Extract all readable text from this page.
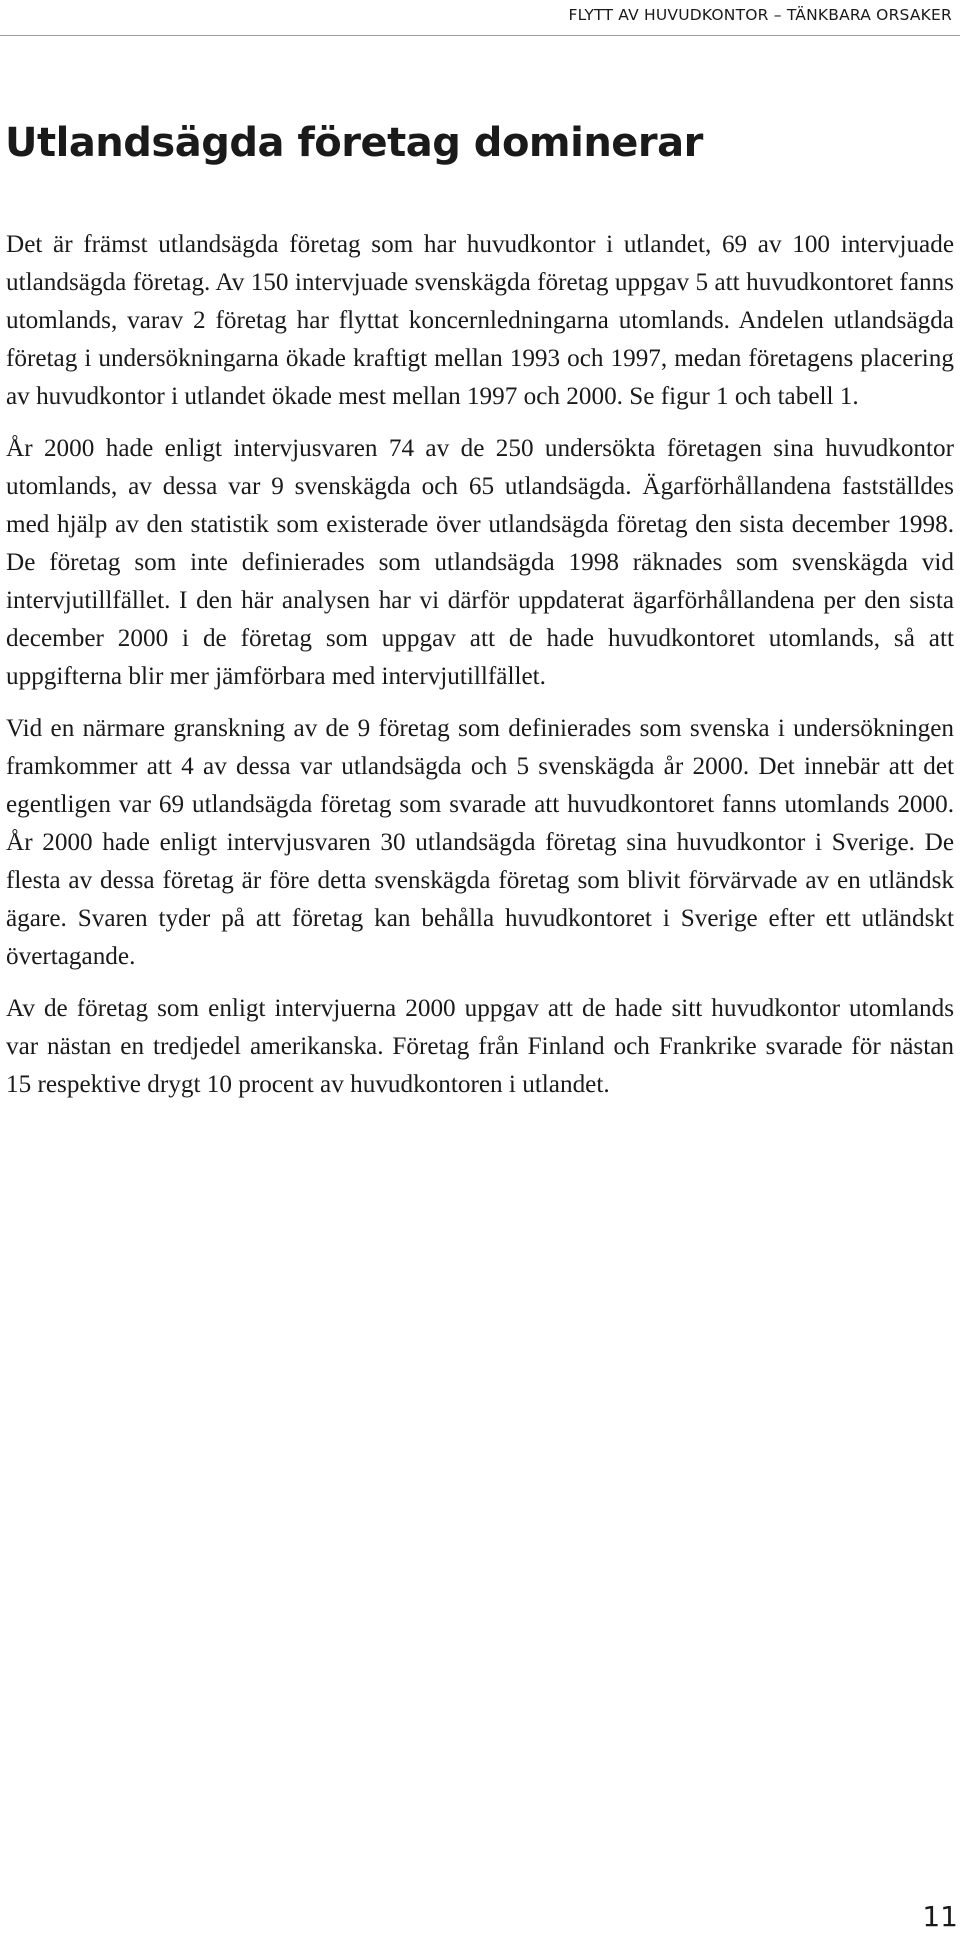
FLYTT AV HUVUDKONTOR – TÄNKBARA ORSAKER
Utlandsägda företag dominerar

Det är främst utlandsägda företag som har huvudkontor i utlandet, 69 av 100 intervjuade utlandsägda företag. Av 150 intervjuade svenskägda företag uppgav 5 att huvudkontoret fanns utomlands, varav 2 företag har flyttat koncernledningarna utomlands. Andelen utlandsägda företag i undersökningarna ökade kraftigt mellan 1993 och 1997, medan företagens placering av huvudkontor i utlandet ökade mest mellan 1997 och 2000. Se figur 1 och tabell 1.

År 2000 hade enligt intervjusvaren 74 av de 250 undersökta företagen sina huvudkontor utomlands, av dessa var 9 svenskägda och 65 utlandsägda. Ägarförhållandena fastställdes med hjälp av den statistik som existerade över utlandsägda företag den sista december 1998. De företag som inte definierades som utlandsägda 1998 räknades som svenskägda vid intervjutillfället. I den här analysen har vi därför uppdaterat ägarförhållandena per den sista december 2000 i de företag som uppgav att de hade huvudkontoret utomlands, så att uppgifterna blir mer jämförbara med intervjutillfället.

Vid en närmare granskning av de 9 företag som definierades som svenska i undersökningen framkommer att 4 av dessa var utlandsägda och 5 svenskägda år 2000. Det innebär att det egentligen var 69 utlandsägda företag som svarade att huvudkontoret fanns utomlands 2000. År 2000 hade enligt intervjusvaren 30 utlandsägda företag sina huvudkontor i Sverige. De flesta av dessa företag är före detta svenskägda företag som blivit förvärvade av en utländsk ägare. Svaren tyder på att företag kan behålla huvudkontoret i Sverige efter ett utländskt övertagande.

Av de företag som enligt intervjuerna 2000 uppgav att de hade sitt huvudkontor utomlands var nästan en tredjedel amerikanska. Företag från Finland och Frankrike svarade för nästan 15 respektive drygt 10 procent av huvudkontoren i utlandet.

11
